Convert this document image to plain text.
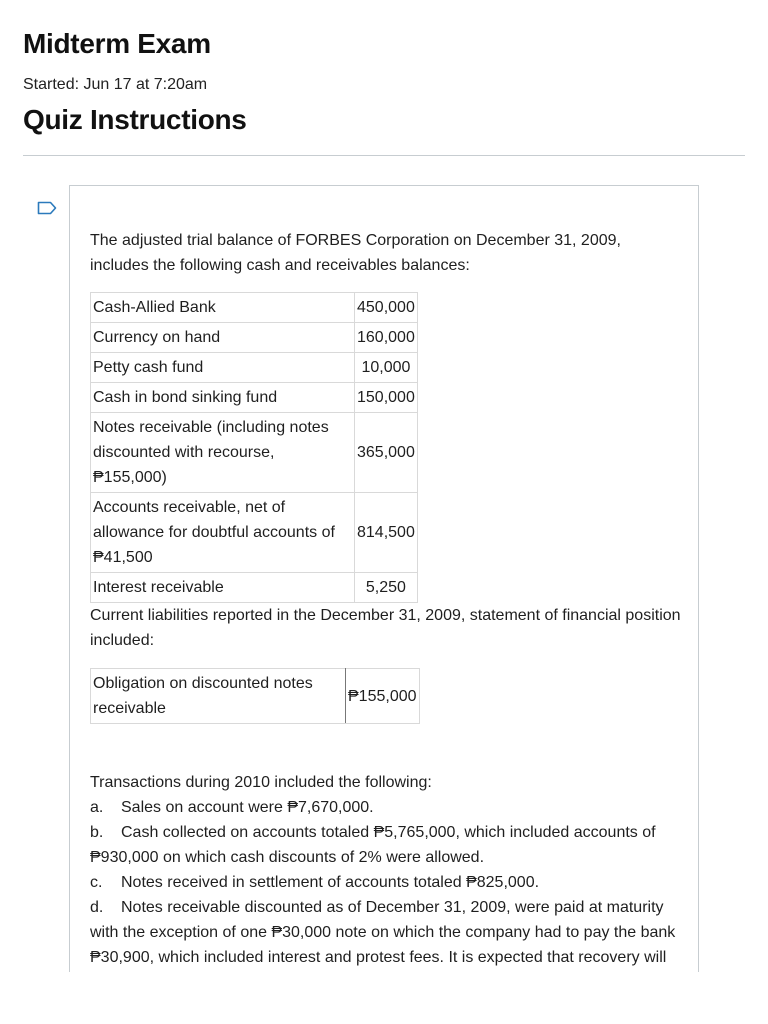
Midterm Exam
Started: Jun 17 at 7:20am
Quiz Instructions

The adjusted trial balance of FORBES Corporation on December 31, 2009, includes the following cash and receivables balances:

Cash-Allied Bank	450,000
Currency on hand	160,000
Petty cash fund	10,000
Cash in bond sinking fund	150,000
Notes receivable (including notes discounted with recourse, ₱155,000)	365,000
Accounts receivable, net of allowance for doubtful accounts of ₱41,500	814,500
Interest receivable	5,250

Current liabilities reported in the December 31, 2009, statement of financial position included:

Obligation on discounted notes receivable	₱155,000

Transactions during 2010 included the following:

a. Sales on account were ₱7,670,000.

b. Cash collected on accounts totaled ₱5,765,000, which included accounts of ₱930,000 on which cash discounts of 2% were allowed.

c. Notes received in settlement of accounts totaled ₱825,000.

d. Notes receivable discounted as of December 31, 2009, were paid at maturity with the exception of one ₱30,000 note on which the company had to pay the bank ₱30,900, which included interest and protest fees. It is expected that recovery will
